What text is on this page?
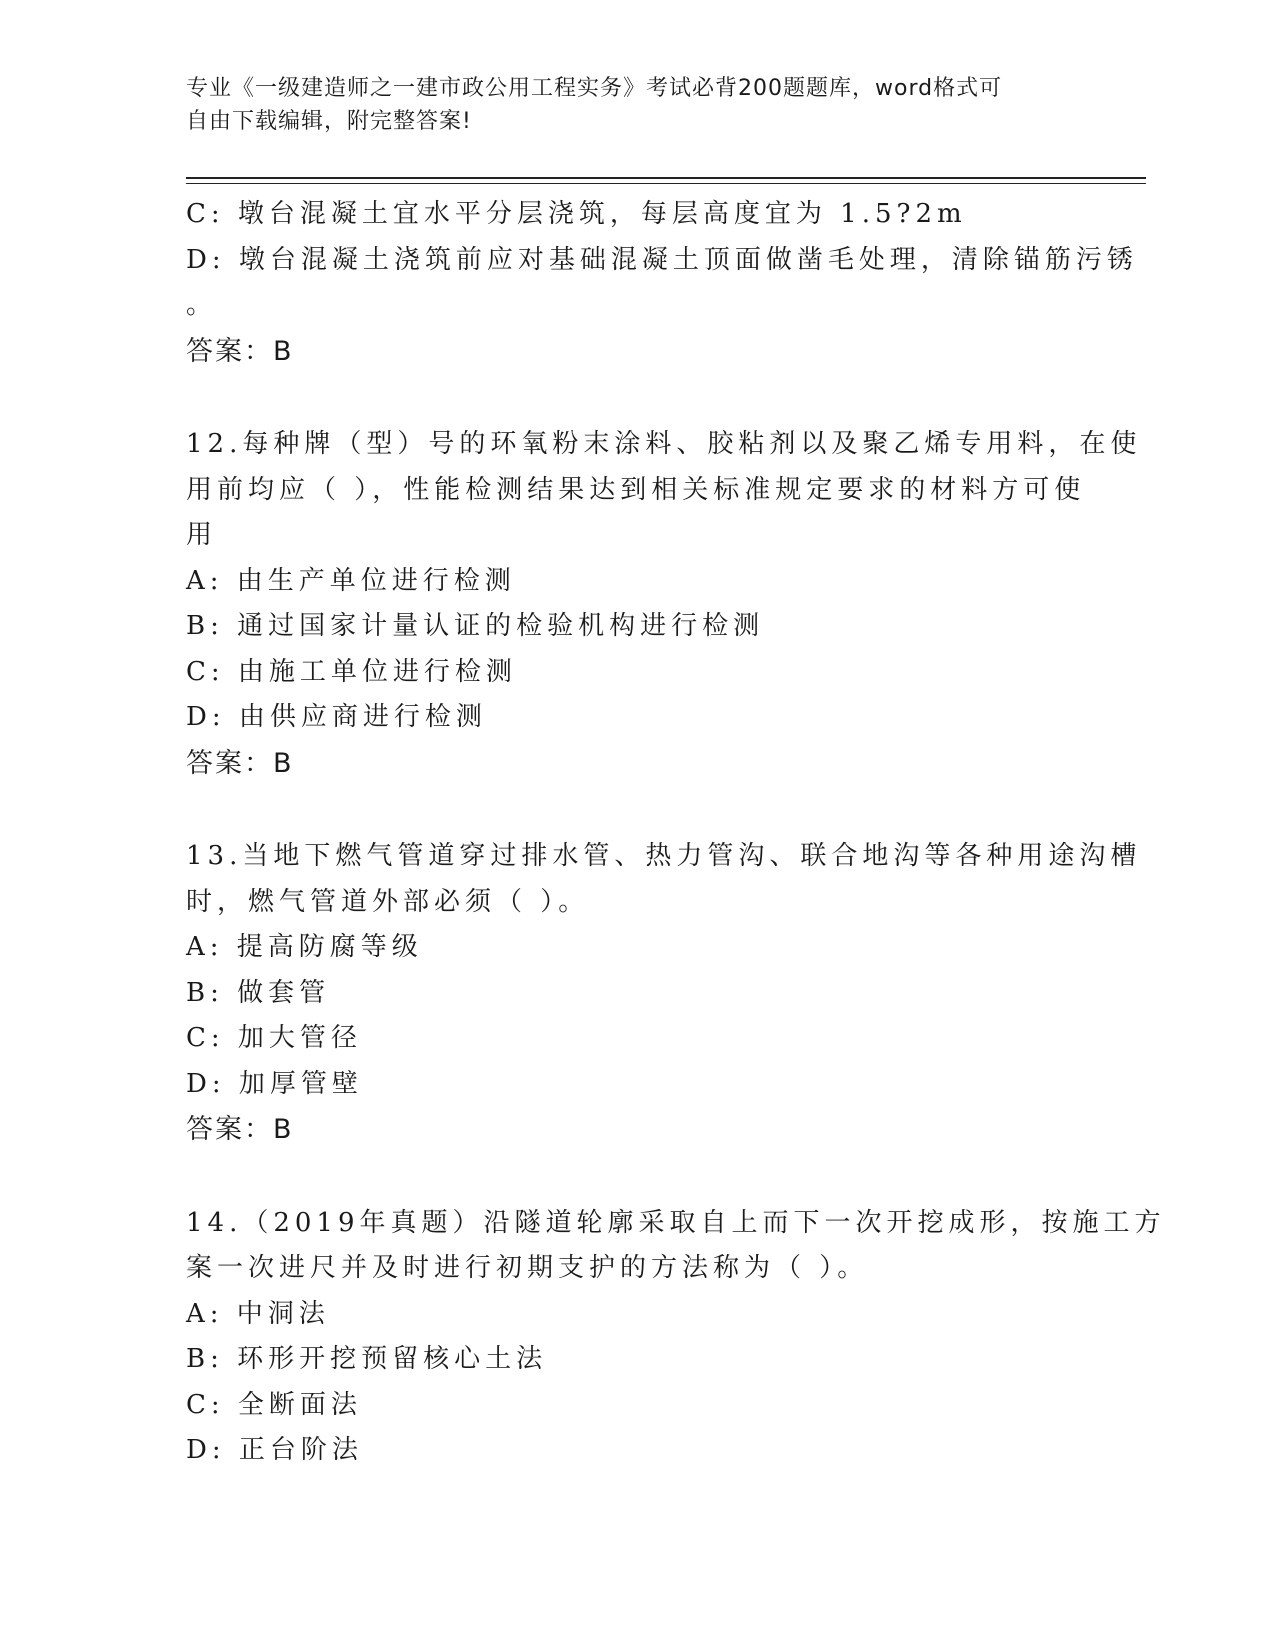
专业《一级建造师之一建市政公用工程实务》考试必背200题题库，word格式可
自由下载编辑，附完整答案!
C: 墩台混凝土宜水平分层浇筑，每层高度宜为 1.5?2m
D: 墩台混凝土浇筑前应对基础混凝土顶面做凿毛处理，清除锚筋污锈
。
答案：B
12.每种牌（型）号的环氧粉末涂料、胶粘剂以及聚乙烯专用料，在使
用前均应（ ），性能检测结果达到相关标准规定要求的材料方可使
用
A: 由生产单位进行检测
B: 通过国家计量认证的检验机构进行检测
C: 由施工单位进行检测
D: 由供应商进行检测
答案：B
13.当地下燃气管道穿过排水管、热力管沟、联合地沟等各种用途沟槽
时，燃气管道外部必须（ ）。
A: 提高防腐等级
B: 做套管
C: 加大管径
D: 加厚管壁
答案：B
14.（2019年真题）沿隧道轮廓采取自上而下一次开挖成形，按施工方
案一次进尺并及时进行初期支护的方法称为（ ）。
A: 中洞法
B: 环形开挖预留核心土法
C: 全断面法
D: 正台阶法
